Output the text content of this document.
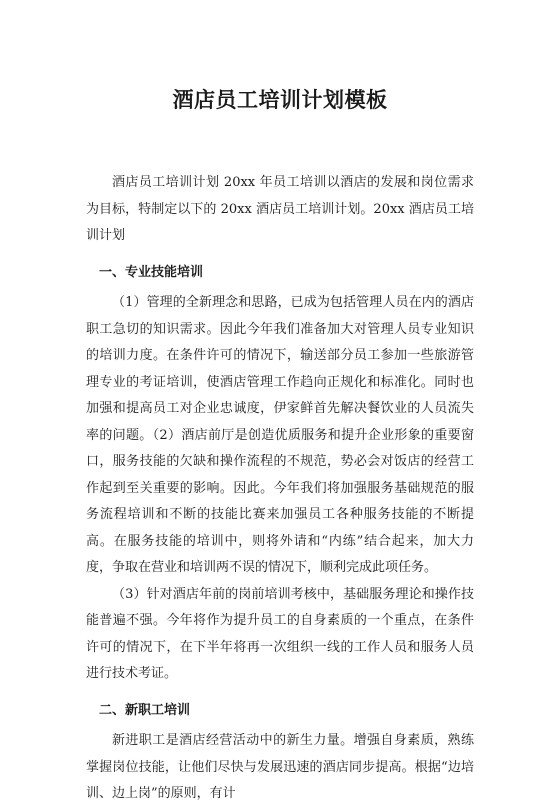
酒店员工培训计划模板

酒店员工培训计划 20xx 年员工培训以酒店的发展和岗位需求为目标，特制定以下的 20xx 酒店员工培训计划。20xx 酒店员工培训计划

一、专业技能培训

（1）管理的全新理念和思路，已成为包括管理人员在内的酒店职工急切的知识需求。因此今年我们准备加大对管理人员专业知识的培训力度。在条件许可的情况下，输送部分员工参加一些旅游管理专业的考证培训，使酒店管理工作趋向正规化和标准化。同时也加强和提高员工对企业忠诚度，伊家鲜首先解决餐饮业的人员流失率的问题。（2）酒店前厅是创造优质服务和提升企业形象的重要窗口，服务技能的欠缺和操作流程的不规范，势必会对饭店的经营工作起到至关重要的影响。因此。今年我们将加强服务基础规范的服务流程培训和不断的技能比赛来加强员工各种服务技能的不断提高。在服务技能的培训中，则将外请和“内练”结合起来，加大力度，争取在营业和培训两不误的情况下，顺利完成此项任务。

（3）针对酒店年前的岗前培训考核中，基础服务理论和操作技能普遍不强。今年将作为提升员工的自身素质的一个重点，在条件许可的情况下，在下半年将再一次组织一线的工作人员和服务人员进行技术考证。

二、新职工培训

新进职工是酒店经营活动中的新生力量。增强自身素质，熟练掌握岗位技能，让他们尽快与发展迅速的酒店同步提高。根据“边培训、边上岗”的原则，有计
